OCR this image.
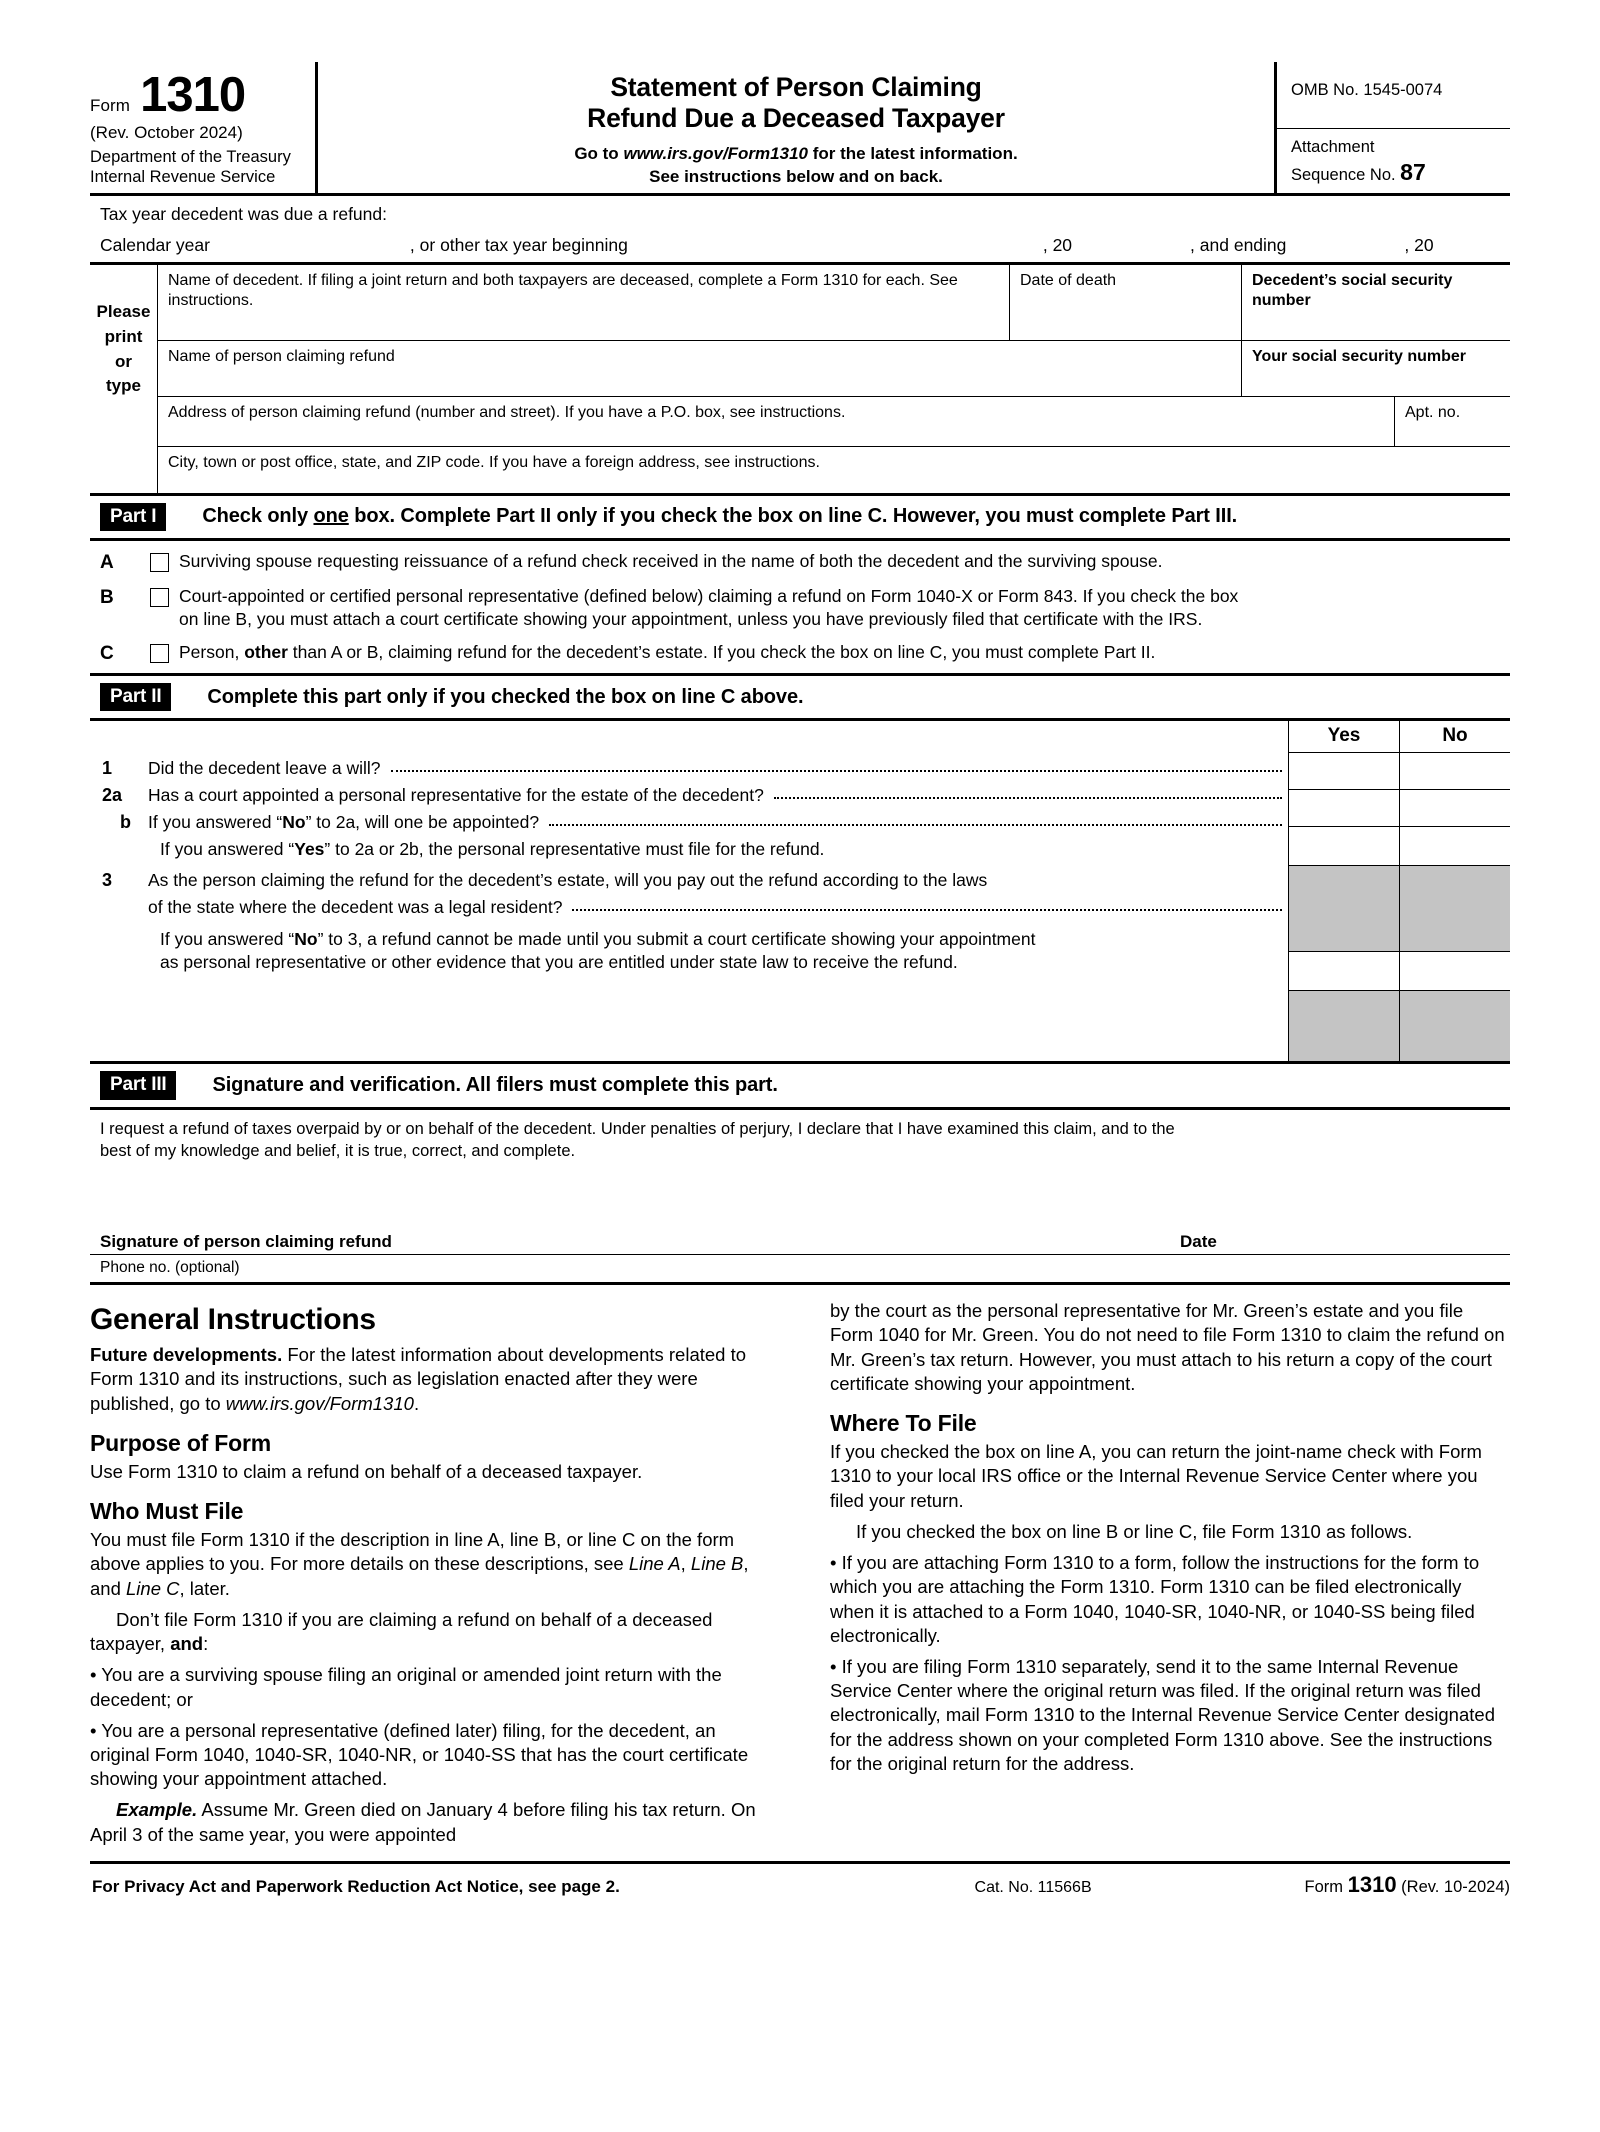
Form 1310
(Rev. October 2024)
Department of the Treasury
Internal Revenue Service
Statement of Person Claiming
Refund Due a Deceased Taxpayer
Go to www.irs.gov/Form1310 for the latest information.
See instructions below and on back.
OMB No. 1545-0074
Attachment
Sequence No. 87
Tax year decedent was due a refund:
Calendar year	, or other tax year beginning	, 20	, and ending	, 20
Please
print
or
type
Name of decedent. If filing a joint return and both taxpayers are deceased, complete a Form 1310 for each. See instructions.
Date of death	Decedent’s social security number
Name of person claiming refund	Your social security number
Address of person claiming refund (number and street). If you have a P.O. box, see instructions.	Apt. no.
City, town or post office, state, and ZIP code. If you have a foreign address, see instructions.
Part I	Check only one box. Complete Part II only if you check the box on line C. However, you must complete Part III.
A	Surviving spouse requesting reissuance of a refund check received in the name of both the decedent and the surviving spouse.
B	Court-appointed or certified personal representative (defined below) claiming a refund on Form 1040-X or Form 843. If you check the box
on line B, you must attach a court certificate showing your appointment, unless you have previously filed that certificate with the IRS.
C	Person, other than A or B, claiming refund for the decedent’s estate. If you check the box on line C, you must complete Part II.
Part II	Complete this part only if you checked the box on line C above.
1	Did the decedent leave a will?
2a	Has a court appointed a personal representative for the estate of the decedent?
b If you answered “No” to 2a, will one be appointed?
If you answered “Yes” to 2a or 2b, the personal representative must file for the refund.
3	As the person claiming the refund for the decedent’s estate, will you pay out the refund according to the laws
of the state where the decedent was a legal resident?
If you answered “No” to 3, a refund cannot be made until you submit a court certificate showing your appointment
as personal representative or other evidence that you are entitled under state law to receive the refund.
Yes	No
Part III	Signature and verification. All filers must complete this part.
I request a refund of taxes overpaid by or on behalf of the decedent. Under penalties of perjury, I declare that I have examined this claim, and to the
best of my knowledge and belief, it is true, correct, and complete.
Signature of person claiming refund	Date
Phone no. (optional)
General Instructions

Future developments. For the latest information about developments related to Form 1310 and its instructions, such as legislation enacted after they were published, go to www.irs.gov/Form1310.

Purpose of Form

Use Form 1310 to claim a refund on behalf of a deceased taxpayer.

Who Must File

You must file Form 1310 if the description in line A, line B, or line C on the form above applies to you. For more details on these descriptions, see Line A, Line B, and Line C, later.

Don’t file Form 1310 if you are claiming a refund on behalf of a deceased taxpayer, and:

• You are a surviving spouse filing an original or amended joint return with the decedent; or

• You are a personal representative (defined later) filing, for the decedent, an original Form 1040, 1040-SR, 1040-NR, or 1040-SS that has the court certificate showing your appointment attached.

Example. Assume Mr. Green died on January 4 before filing his tax return. On April 3 of the same year, you were appointed

by the court as the personal representative for Mr. Green’s estate and you file Form 1040 for Mr. Green. You do not need to file Form 1310 to claim the refund on Mr. Green’s tax return. However, you must attach to his return a copy of the court certificate showing your appointment.

Where To File

If you checked the box on line A, you can return the joint-name check with Form 1310 to your local IRS office or the Internal Revenue Service Center where you filed your return.

If you checked the box on line B or line C, file Form 1310 as follows.

• If you are attaching Form 1310 to a form, follow the instructions for the form to which you are attaching the Form 1310. Form 1310 can be filed electronically when it is attached to a Form 1040, 1040-SR, 1040-NR, or 1040-SS being filed electronically.

• If you are filing Form 1310 separately, send it to the same Internal Revenue Service Center where the original return was filed. If the original return was filed electronically, mail Form 1310 to the Internal Revenue Service Center designated for the address shown on your completed Form 1310 above. See the instructions for the original return for the address.

For Privacy Act and Paperwork Reduction Act Notice, see page 2.	Cat. No. 11566B	Form 1310 (Rev. 10-2024)
